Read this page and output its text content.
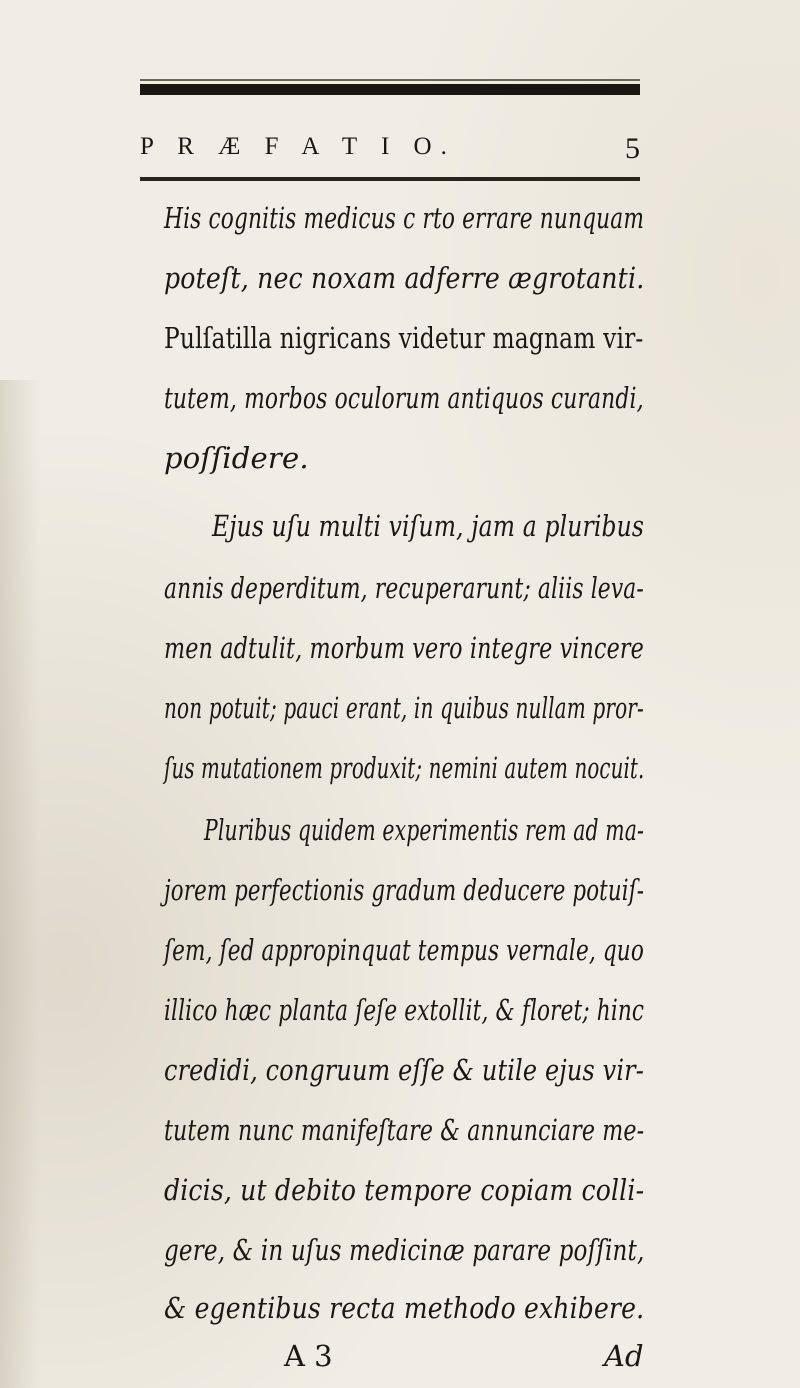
P R Æ F A T I O.	5
His cognitis medicus c rto errare nunquam
poteſt, nec noxam adferre ægrotanti.
Pulſatilla nigricans videtur magnam vir-
tutem, morbos oculorum antiquos curandi,
poſſidere.
Ejus uſu multi viſum, jam a pluribus
annis deperditum, recuperarunt; aliis leva-
men adtulit, morbum vero integre vincere
non potuit; pauci erant, in quibus nullam pror-
ſus mutationem produxit; nemini autem nocuit.
Pluribus quidem experimentis rem ad ma-
jorem perfectionis gradum deducere potuiſ-
ſem, ſed appropinquat tempus vernale, quo
illico hæc planta ſeſe extollit, & floret; hinc
credidi, congruum eſſe & utile ejus vir-
tutem nunc manifeſtare & annunciare me-
dicis, ut debito tempore copiam colli-
gere, & in uſus medicinæ parare poſſint,
& egentibus recta methodo exhibere.
A 3	Ad
